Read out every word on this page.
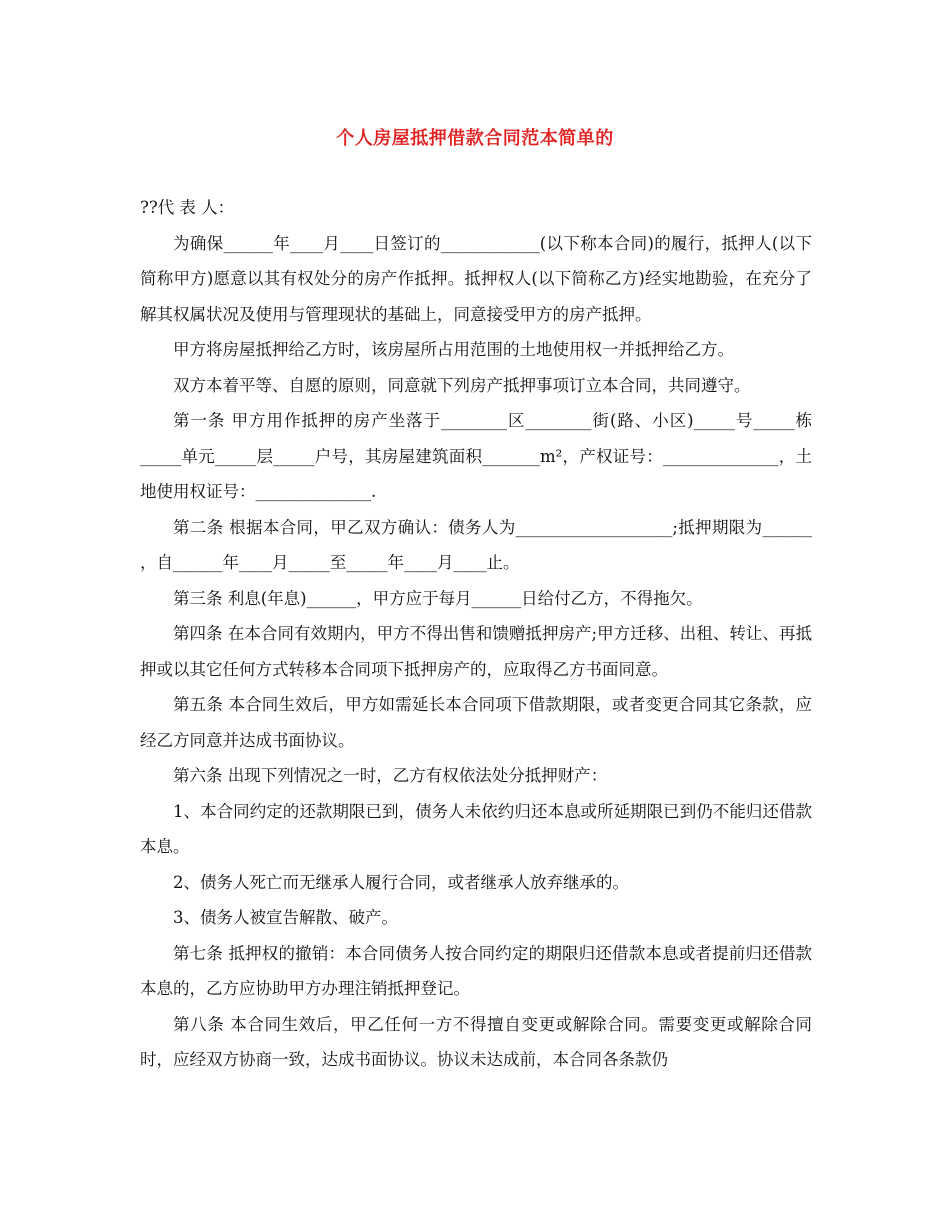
个人房屋抵押借款合同范本简单的

??代 表 人：

为确保______年____月____日签订的____________(以下称本合同)的履行，抵押人(以下简称甲方)愿意以其有权处分的房产作抵押。抵押权人(以下简称乙方)经实地勘验，在充分了解其权属状况及使用与管理现状的基础上，同意接受甲方的房产抵押。

甲方将房屋抵押给乙方时，该房屋所占用范围的土地使用权一并抵押给乙方。

双方本着平等、自愿的原则，同意就下列房产抵押事项订立本合同，共同遵守。

第一条 甲方用作抵押的房产坐落于________区________街(路、小区)_____号_____栋_____单元_____层_____户号，其房屋建筑面积_______m²，产权证号：______________，土地使用权证号：______________.

第二条 根据本合同，甲乙双方确认：债务人为___________________;抵押期限为______ ，自______年____月_____至_____年____月____止。

第三条 利息(年息)______，甲方应于每月______日给付乙方，不得拖欠。

第四条 在本合同有效期内，甲方不得出售和馈赠抵押房产;甲方迁移、出租、转让、再抵押或以其它任何方式转移本合同项下抵押房产的，应取得乙方书面同意。

第五条 本合同生效后，甲方如需延长本合同项下借款期限，或者变更合同其它条款，应经乙方同意并达成书面协议。

第六条 出现下列情况之一时，乙方有权依法处分抵押财产：

1、本合同约定的还款期限已到，债务人未依约归还本息或所延期限已到仍不能归还借款本息。

2、债务人死亡而无继承人履行合同，或者继承人放弃继承的。

3、债务人被宣告解散、破产。

第七条 抵押权的撤销：本合同债务人按合同约定的期限归还借款本息或者提前归还借款本息的，乙方应协助甲方办理注销抵押登记。

第八条 本合同生效后，甲乙任何一方不得擅自变更或解除合同。需要变更或解除合同时，应经双方协商一致，达成书面协议。协议未达成前，本合同各条款仍
